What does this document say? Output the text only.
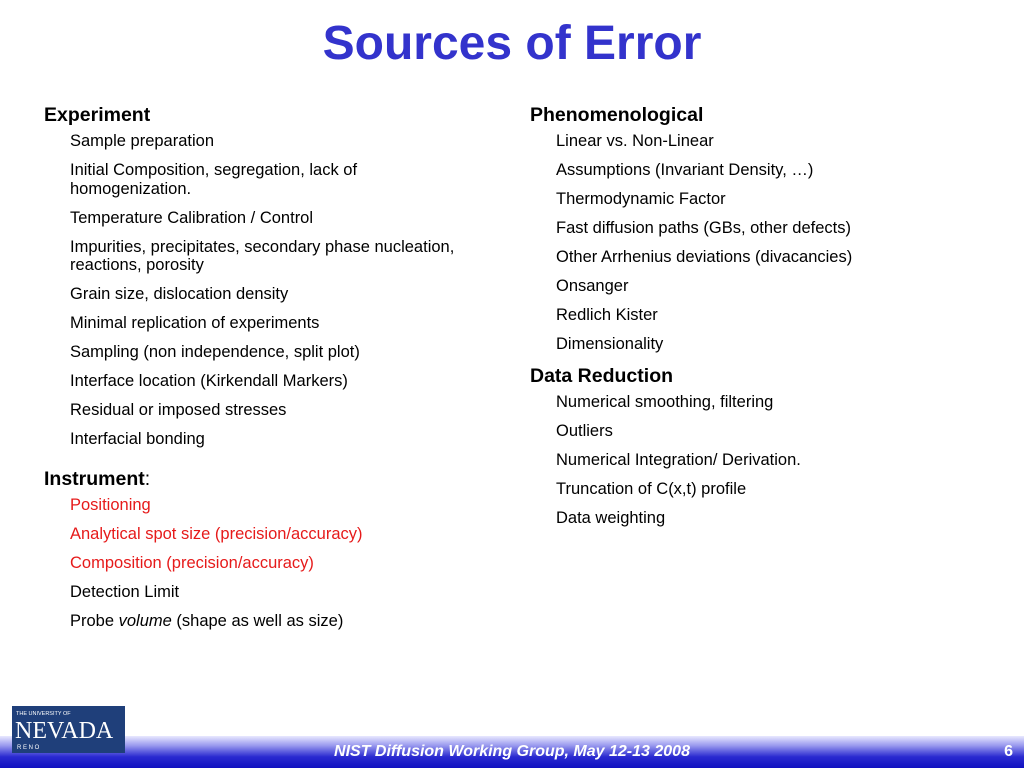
Sources of Error
Experiment
Sample preparation
Initial Composition, segregation, lack of homogenization.
Temperature Calibration / Control
Impurities, precipitates, secondary phase nucleation, reactions, porosity
Grain size, dislocation density
Minimal replication of experiments
Sampling (non independence, split plot)
Interface location (Kirkendall Markers)
Residual or imposed stresses
Interfacial bonding
Instrument:
Positioning
Analytical spot size (precision/accuracy)
Composition (precision/accuracy)
Detection Limit
Probe volume (shape as well as size)
Phenomenological
Linear vs. Non-Linear
Assumptions (Invariant Density, …)
Thermodynamic Factor
Fast diffusion paths (GBs, other defects)
Other Arrhenius deviations (divacancies)
Onsanger
Redlich Kister
Dimensionality
Data Reduction
Numerical smoothing, filtering
Outliers
Numerical Integration/ Derivation.
Truncation of C(x,t) profile
Data weighting
NIST Diffusion Working Group, May 12-13 2008	6
THE UNIVERSITY OF
NEVADA
R E N O
